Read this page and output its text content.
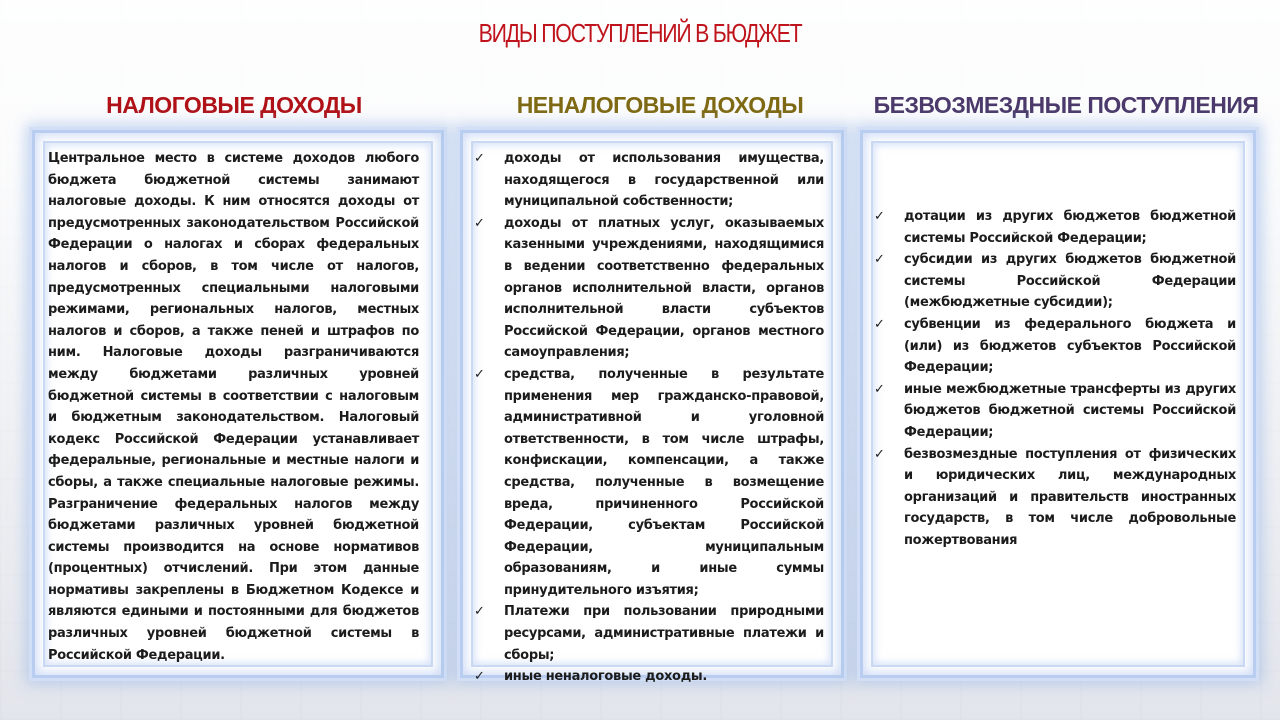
ВИДЫ ПОСТУПЛЕНИЙ В БЮДЖЕТ
НАЛОГОВЫЕ ДОХОДЫ	НЕНАЛОГОВЫЕ ДОХОДЫ	БЕЗВОЗМЕЗДНЫЕ ПОСТУПЛЕНИЯ

Центральное место в системе доходов любого бюджета бюджетной системы занимают налоговые доходы. К ним относятся доходы от предусмотренных законодательством Российской Федерации о налогах и сборах федеральных налогов и сборов, в том числе от налогов, предусмотренных специальными налоговыми режимами, региональных налогов, местных налогов и сборов, а также пеней и штрафов по ним. Налоговые доходы разграничиваются между бюджетами различных уровней бюджетной системы в соответствии с налоговым и бюджетным законодательством. Налоговый кодекс Российской Федерации устанавливает федеральные, региональные и местные налоги и сборы, а также специальные налоговые режимы. Разграничение федеральных налогов между бюджетами различных уровней бюджетной системы производится на основе нормативов (процентных) отчислений. При этом данные нормативы закреплены в Бюджетном Кодексе и являются едиными и постоянными для бюджетов различных уровней бюджетной системы в Российской Федерации.

✓ доходы от использования имущества, находящегося в государственной или муниципальной собственности;
✓ доходы от платных услуг, оказываемых казенными учреждениями, находящимися в ведении соответственно федеральных органов исполнительной власти, органов исполнительной власти субъектов Российской Федерации, органов местного самоуправления;
✓ средства, полученные в результате применения мер гражданско-правовой, административной и уголовной ответственности, в том числе штрафы, конфискации, компенсации, а также средства, полученные в возмещение вреда, причиненного Российской Федерации, субъектам Российской Федерации, муниципальным образованиям, и иные суммы принудительного изъятия;
✓ Платежи при пользовании природными ресурсами, административные платежи и сборы;
✓ иные неналоговые доходы.
✓ дотации из других бюджетов бюджетной системы Российской Федерации;
✓ субсидии из других бюджетов бюджетной системы Российской Федерации (межбюджетные субсидии);
✓ субвенции из федерального бюджета и (или) из бюджетов субъектов Российской Федерации;
✓ иные межбюджетные трансферты из других бюджетов бюджетной системы Российской Федерации;
✓ безвозмездные поступления от физических и юридических лиц, международных организаций и правительств иностранных государств, в том числе добровольные пожертвования
